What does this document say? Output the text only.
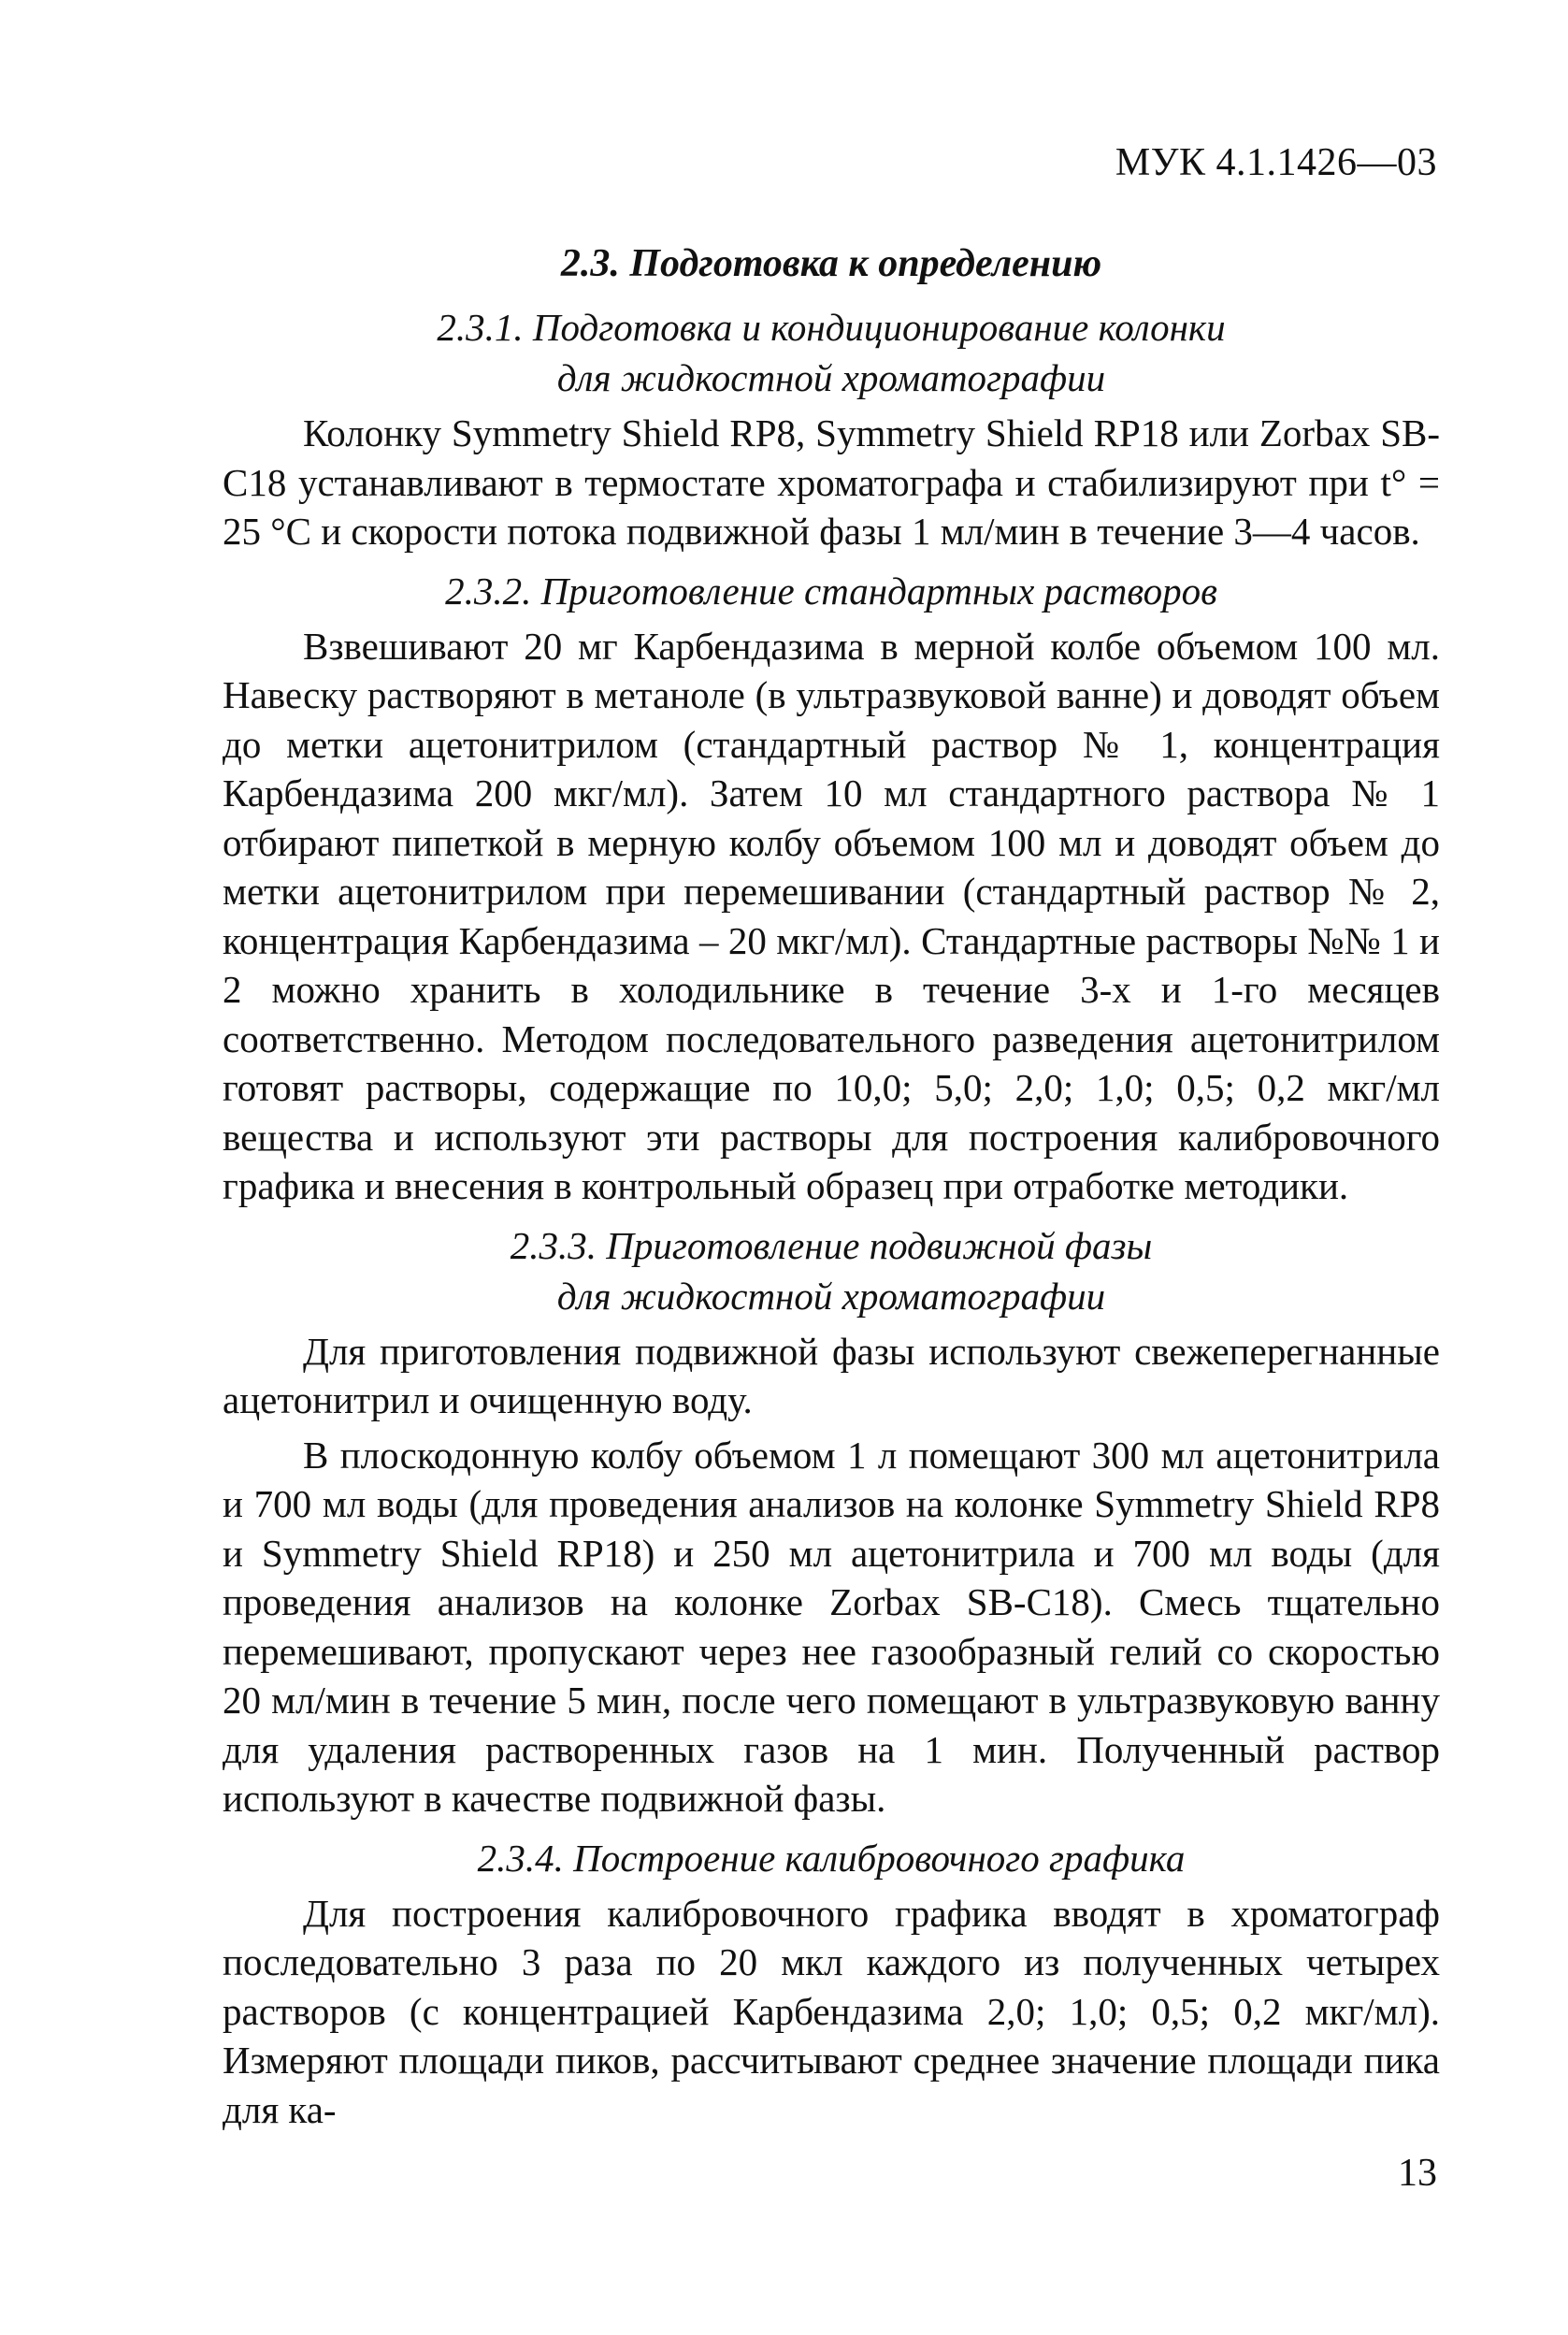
МУК 4.1.1426—03
2.3. Подготовка к определению
2.3.1. Подготовка и кондиционирование колонки
для жидкостной хроматографии

Колонку Symmetry Shield RP8, Symmetry Shield RP18 или Zorbax SB-C18 устанавливают в термостате хроматографа и стабилизируют при t° = 25 °С и скорости потока подвижной фазы 1 мл/мин в течение 3—4 часов.

2.3.2. Приготовление стандартных растворов

Взвешивают 20 мг Карбендазима в мерной колбе объемом 100 мл. Навеску растворяют в метаноле (в ультразвуковой ванне) и доводят объем до метки ацетонитрилом (стандартный раствор № 1, концентрация Карбендазима 200 мкг/мл). Затем 10 мл стандартного раствора № 1 отбирают пипеткой в мерную колбу объемом 100 мл и доводят объем до метки ацетонитрилом при перемешивании (стандартный раствор № 2, концентрация Карбендазима – 20 мкг/мл). Стандартные растворы №№ 1 и 2 можно хранить в холодильнике в течение 3-х и 1-го месяцев соответственно. Методом последовательного разведения ацетонитрилом готовят растворы, содержащие по 10,0; 5,0; 2,0; 1,0; 0,5; 0,2 мкг/мл вещества и используют эти растворы для построения калибровочного графика и внесения в контрольный образец при отработке методики.

2.3.3. Приготовление подвижной фазы
для жидкостной хроматографии

Для приготовления подвижной фазы используют свежеперегнанные ацетонитрил и очищенную воду.

В плоскодонную колбу объемом 1 л помещают 300 мл ацетонитрила и 700 мл воды (для проведения анализов на колонке Symmetry Shield RP8 и Symmetry Shield RP18) и 250 мл ацетонитрила и 700 мл воды (для проведения анализов на колонке Zorbax SB-C18). Смесь тщательно перемешивают, пропускают через нее газообразный гелий со скоростью 20 мл/мин в течение 5 мин, после чего помещают в ультразвуковую ванну для удаления растворенных газов на 1 мин. Полученный раствор используют в качестве подвижной фазы.

2.3.4. Построение калибровочного графика

Для построения калибровочного графика вводят в хроматограф последовательно 3 раза по 20 мкл каждого из полученных четырех растворов (с концентрацией Карбендазима 2,0; 1,0; 0,5; 0,2 мкг/мл). Измеряют площади пиков, рассчитывают среднее значение площади пика для ка-

13
